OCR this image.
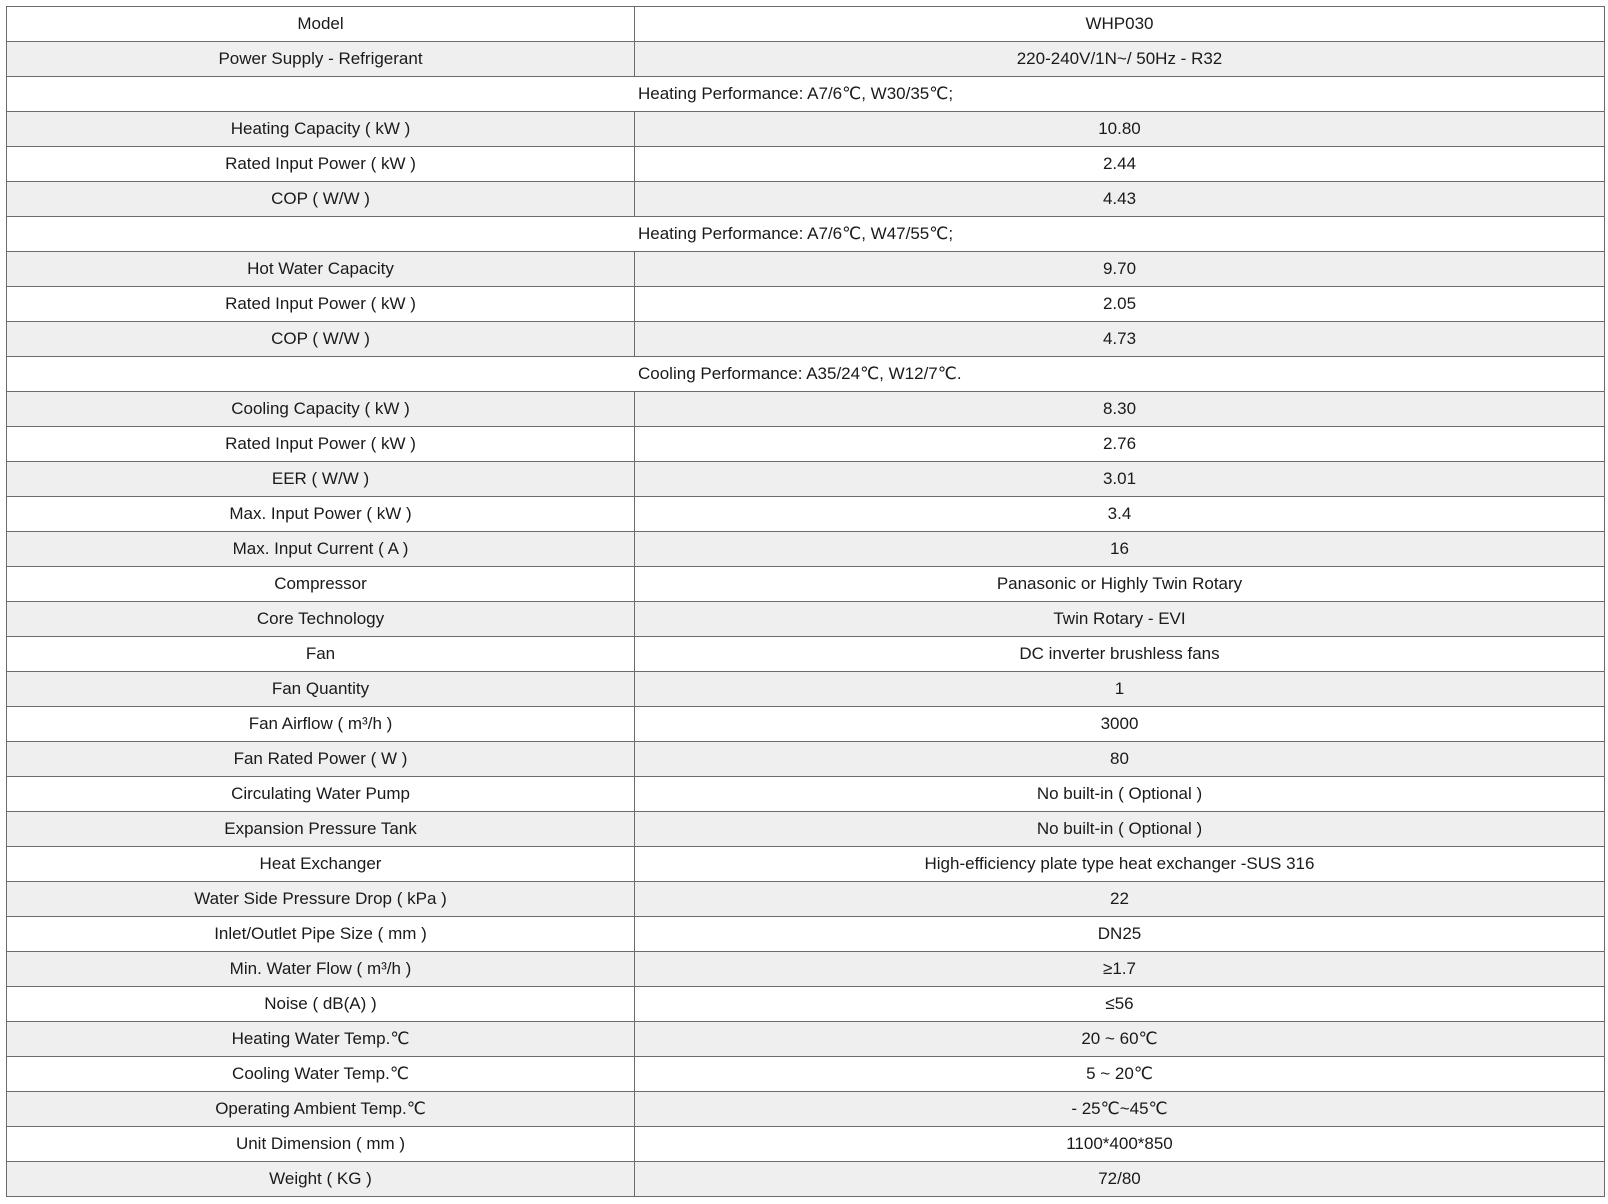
Model	WHP030
Power Supply - Refrigerant	220-240V/1N~/ 50Hz - R32
Heating Performance: A7/6℃, W30/35℃;	
Heating Capacity ( kW )	10.80
Rated Input Power ( kW )	2.44
COP ( W/W )	4.43
Heating Performance: A7/6℃, W47/55℃;	
Hot Water Capacity	9.70
Rated Input Power ( kW )	2.05
COP ( W/W )	4.73
Cooling Performance: A35/24℃, W12/7℃.	
Cooling Capacity ( kW )	8.30
Rated Input Power ( kW )	2.76
EER ( W/W )	3.01
Max. Input Power ( kW )	3.4
Max. Input Current ( A )	16
Compressor	Panasonic or Highly Twin Rotary
Core Technology	Twin Rotary - EVI
Fan	DC inverter brushless fans
Fan Quantity	1
Fan Airflow ( m³/h )	3000
Fan Rated Power ( W )	80
Circulating Water Pump	No built-in ( Optional )
Expansion Pressure Tank	No built-in ( Optional )
Heat Exchanger	High-efficiency plate type heat exchanger -SUS 316
Water Side Pressure Drop ( kPa )	22
Inlet/Outlet Pipe Size ( mm )	DN25
Min. Water Flow ( m³/h )	≥1.7
Noise ( dB(A) )	≤56
Heating Water Temp.℃	20 ~ 60℃
Cooling Water Temp.℃	5 ~ 20℃
Operating Ambient Temp.℃	- 25℃~45℃
Unit Dimension ( mm )	1100*400*850
Weight ( KG )	72/80
